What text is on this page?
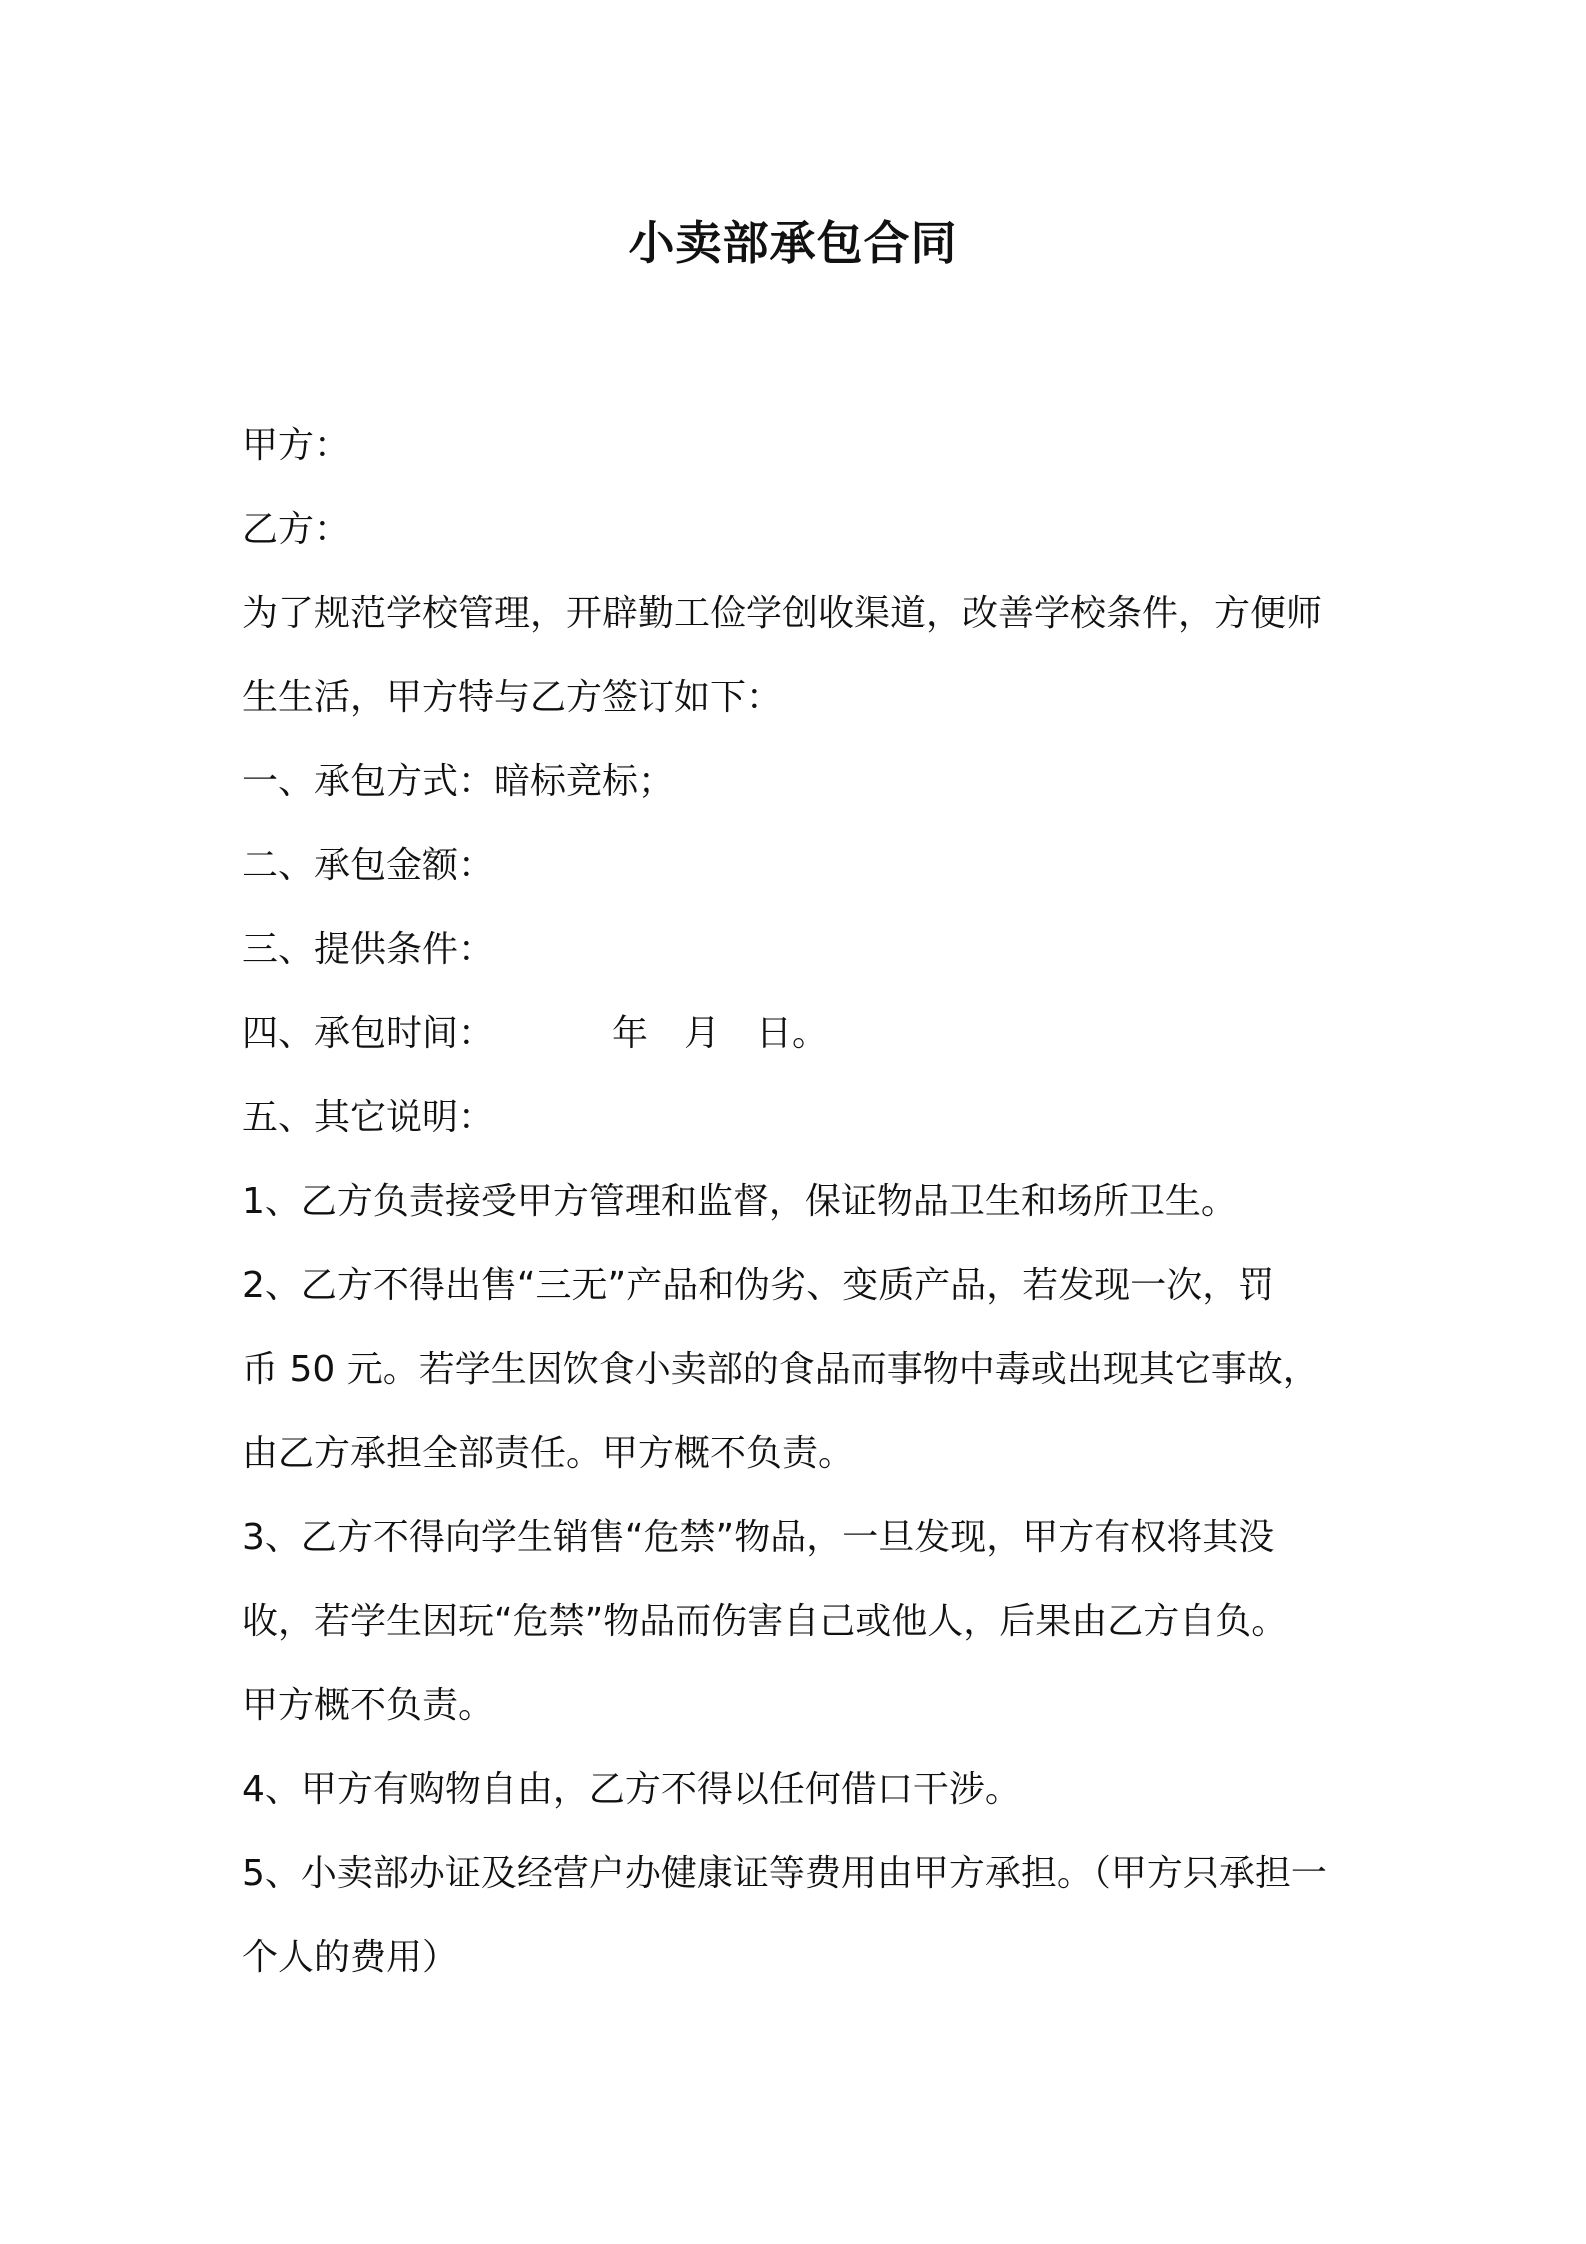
小卖部承包合同
甲方：
乙方：
为了规范学校管理，开辟勤工俭学创收渠道，改善学校条件，方便师
生生活，甲方特与乙方签订如下：
一、承包方式：暗标竞标；
二、承包金额：
三、提供条件：
四、承包时间：	年 月 日。
五、其它说明：
1、乙方负责接受甲方管理和监督，保证物品卫生和场所卫生。
2、乙方不得出售“三无”产品和伪劣、变质产品，若发现一次，罚
币 50 元。若学生因饮食小卖部的食品而事物中毒或出现其它事故，
由乙方承担全部责任。甲方概不负责。
3、乙方不得向学生销售“危禁”物品，一旦发现，甲方有权将其没
收，若学生因玩“危禁”物品而伤害自己或他人，后果由乙方自负。
甲方概不负责。
4、甲方有购物自由，乙方不得以任何借口干涉。
5、小卖部办证及经营户办健康证等费用由甲方承担。（甲方只承担一
个人的费用）
